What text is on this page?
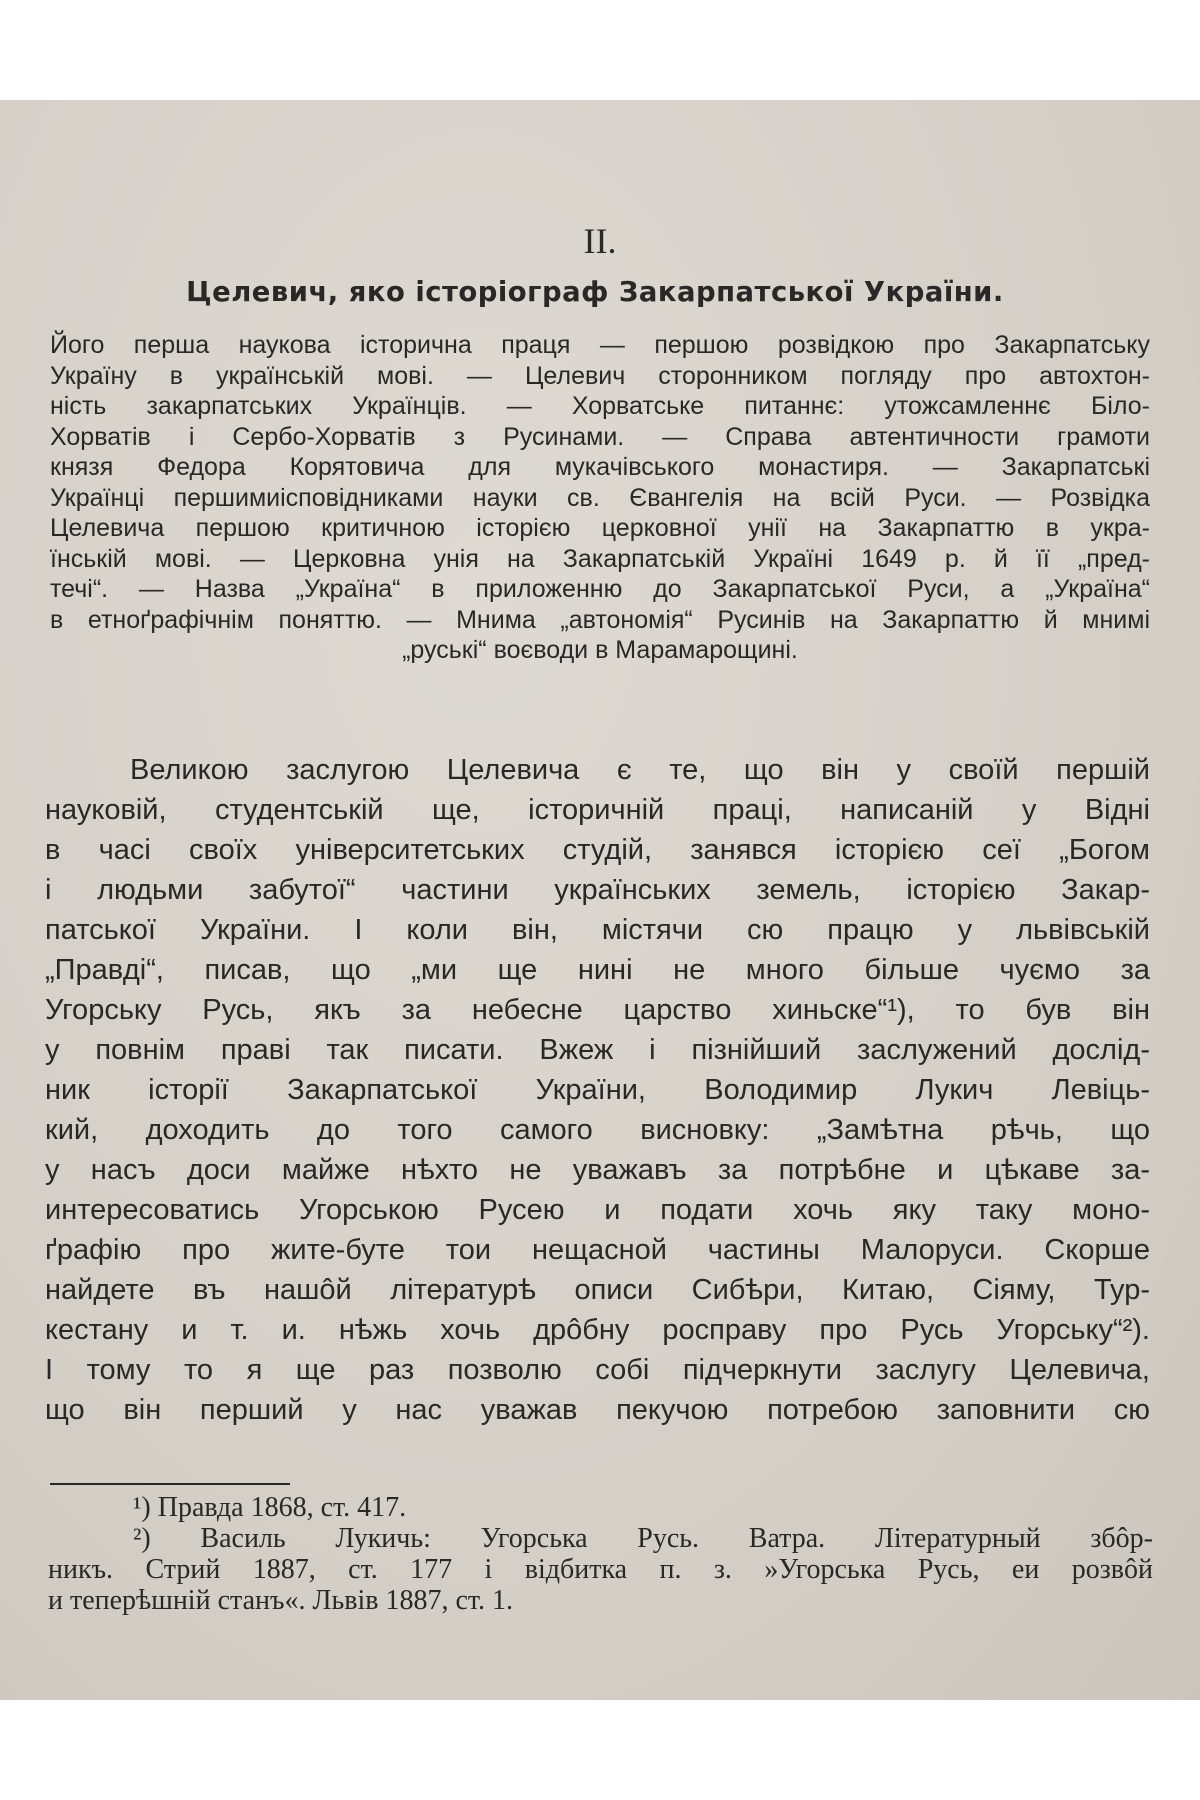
II.
Целевич, яко історіограф Закарпатської України.
Його перша наукова історична праця — першою розвідкою про Закарпатську
Україну в українській мові. — Целевич сторонником погляду про автохтон-
ність закарпатських Українців. — Хорватське питаннє: утожсамленнє Біло-
Хорватів і Сербо-Хорватів з Русинами. — Справа автентичности грамоти
князя Федора Корятовича для мукачівського монастиря. — Закарпатські
Українці першимиісповідниками науки св. Євангелія на всій Руси. — Розвідка
Целевича першою критичною історією церковної унії на Закарпаттю в укра-
їнській мові. — Церковна унія на Закарпатській Україні 1649 р. й її „пред-
течі“. — Назва „Україна“ в приложенню до Закарпатської Руси, а „Україна“
в етноґрафічнім поняттю. — Мнима „автономія“ Русинів на Закарпаттю й мнимі
„руські“ воєводи в Марамарощині.
Великою заслугою Целевича є те, що він у своїй першій
науковій, студентській ще, історичній праці, написаній у Відні
в часі своїх університетських студій, занявся історією сеї „Богом
і людьми забутої“ частини українських земель, історією Закар-
патської України. І коли він, містячи сю працю у львівській
„Правді“, писав, що „ми ще нині не много більше чуємо за
Угорську Русь, якъ за небесне царство хиньске“¹), то був він
у повнім праві так писати. Вжеж і пізнійший заслужений дослід-
ник історії Закарпатської України, Володимир Лукич Левіць-
кий, доходить до того самого висновку: „Замѣтна рѣчь, що
у насъ доси майже нѣхто не уважавъ за потрѣбне и цѣкаве за-
интересоватись Угорською Русею и подати хочь яку таку моно-
ґрафію про жите-буте тои нещасной частины Малоруси. Скорше
найдете въ нашôй літературѣ описи Сибѣри, Китаю, Сіяму, Тур-
кестану и т. и. нѣжь хочь дрôбну росправу про Русь Угорську“²).
І тому то я ще раз позволю собі підчеркнути заслугу Целевича,
що він перший у нас уважав пекучою потребою заповнити сю
¹) Правда 1868, ст. 417.
²) Василь Лукичь: Угорська Русь. Ватра. Літературный збôр-
никъ. Стрий 1887, ст. 177 і відбитка п. з. »Угорська Русь, еи розвôй
и теперѣшній станъ«. Львів 1887, ст. 1.
